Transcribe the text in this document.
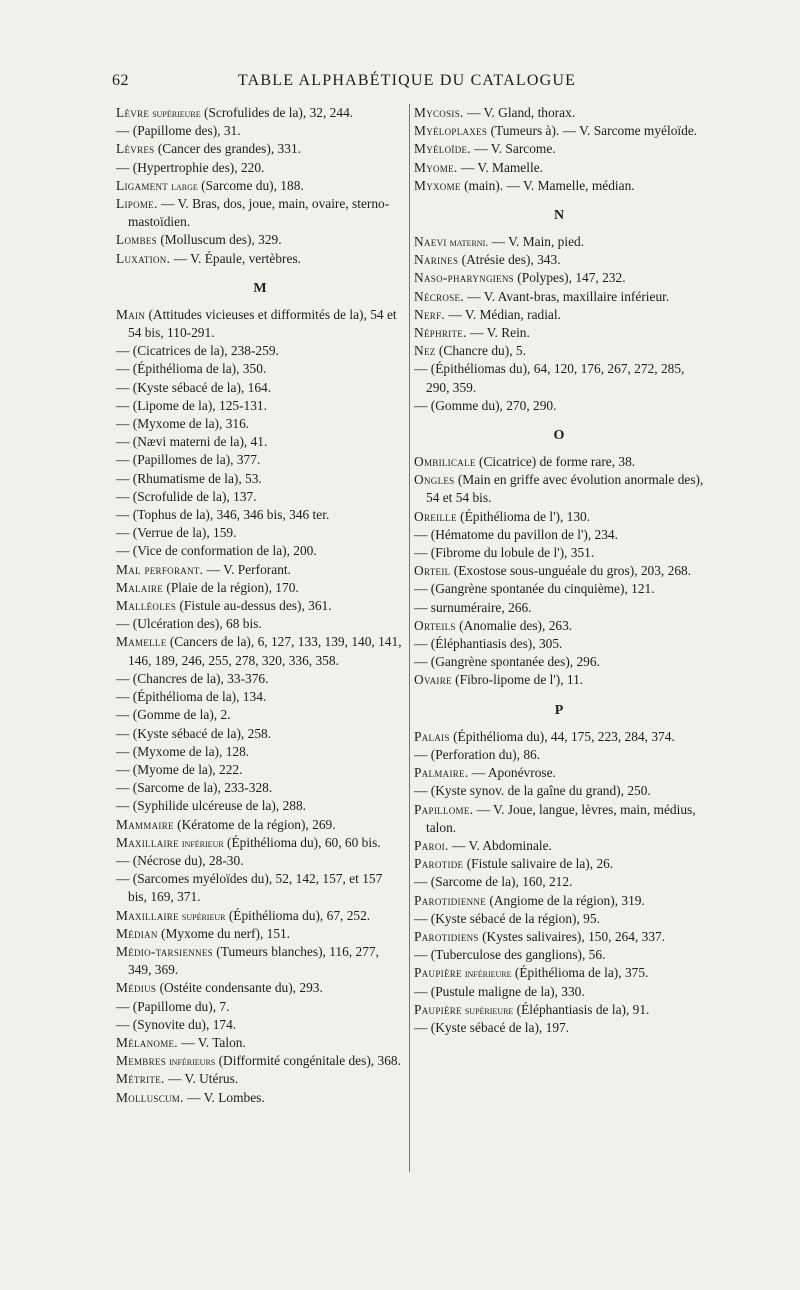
62	TABLE ALPHABÉTIQUE DU CATALOGUE
Lèvre supérieure (Scrofulides de la), 32, 244.
— (Papillome des), 31.
Lèvres (Cancer des grandes), 331.
— (Hypertrophie des), 220.
Ligament large (Sarcome du), 188.
Lipome. — V. Bras, dos, joue, main, ovaire, sterno-mastoïdien.
Lombes (Molluscum des), 329.
Luxation. — V. Épaule, vertèbres.
M
Main (Attitudes vicieuses et difformités de la), 54 et 54 bis, 110-291.
— (Cicatrices de la), 238-259.
— (Épithélioma de la), 350.
— (Kyste sébacé de la), 164.
— (Lipome de la), 125-131.
— (Myxome de la), 316.
— (Nævi materni de la), 41.
— (Papillomes de la), 377.
— (Rhumatisme de la), 53.
— (Scrofulide de la), 137.
— (Tophus de la), 346, 346 bis, 346 ter.
— (Verrue de la), 159.
— (Vice de conformation de la), 200.
Mal perforant. — V. Perforant.
Malaire (Plaie de la région), 170.
Malléoles (Fistule au-dessus des), 361.
— (Ulcération des), 68 bis.
Mamelle (Cancers de la), 6, 127, 133, 139, 140, 141, 146, 189, 246, 255, 278, 320, 336, 358.
— (Chancres de la), 33-376.
— (Épithélioma de la), 134.
— (Gomme de la), 2.
— (Kyste sébacé de la), 258.
— (Myxome de la), 128.
— (Myome de la), 222.
— (Sarcome de la), 233-328.
— (Syphilide ulcéreuse de la), 288.
Mammaire (Kératome de la région), 269.
Maxillaire inférieur (Épithélioma du), 60, 60 bis.
— (Nécrose du), 28-30.
— (Sarcomes myéloïdes du), 52, 142, 157, et 157 bis, 169, 371.
Maxillaire supérieur (Épithélioma du), 67, 252.
Médian (Myxome du nerf), 151.
Médio-tarsiennes (Tumeurs blanches), 116, 277, 349, 369.
Médius (Ostéite condensante du), 293.
— (Papillome du), 7.
— (Synovite du), 174.
Mélanome. — V. Talon.
Membres inférieurs (Difformité congénitale des), 368.
Métrite. — V. Utérus.
Molluscum. — V. Lombes.
Mycosis. — V. Gland, thorax.
Myéloplaxes (Tumeurs à). — V. Sarcome myéloïde.
Myéloïde. — V. Sarcome.
Myome. — V. Mamelle.
Myxome (main). — V. Mamelle, médian.
N
Naevi materni. — V. Main, pied.
Narines (Atrésie des), 343.
Naso-pharyngiens (Polypes), 147, 232.
Nécrose. — V. Avant-bras, maxillaire inférieur.
Nerf. — V. Médian, radial.
Néphrite. — V. Rein.
Nez (Chancre du), 5.
— (Épithéliomas du), 64, 120, 176, 267, 272, 285, 290, 359.
— (Gomme du), 270, 290.
O
Ombilicale (Cicatrice) de forme rare, 38.
Ongles (Main en griffe avec évolution anormale des), 54 et 54 bis.
Oreille (Épithélioma de l'), 130.
— (Hématome du pavillon de l'), 234.
— (Fibrome du lobule de l'), 351.
Orteil (Exostose sous-unguéale du gros), 203, 268.
— (Gangrène spontanée du cinquième), 121.
— surnuméraire, 266.
Orteils (Anomalie des), 263.
— (Éléphantiasis des), 305.
— (Gangrène spontanée des), 296.
Ovaire (Fibro-lipome de l'), 11.
P
Palais (Épithélioma du), 44, 175, 223, 284, 374.
— (Perforation du), 86.
Palmaire. — Aponévrose.
— (Kyste synov. de la gaîne du grand), 250.
Papillome. — V. Joue, langue, lèvres, main, médius, talon.
Paroi. — V. Abdominale.
Parotide (Fistule salivaire de la), 26.
— (Sarcome de la), 160, 212.
Parotidienne (Angiome de la région), 319.
— (Kyste sébacé de la région), 95.
Parotidiens (Kystes salivaires), 150, 264, 337.
— (Tuberculose des ganglions), 56.
Paupière inférieure (Épithélioma de la), 375.
— (Pustule maligne de la), 330.
Paupière supérieure (Éléphantiasis de la), 91.
— (Kyste sébacé de la), 197.
